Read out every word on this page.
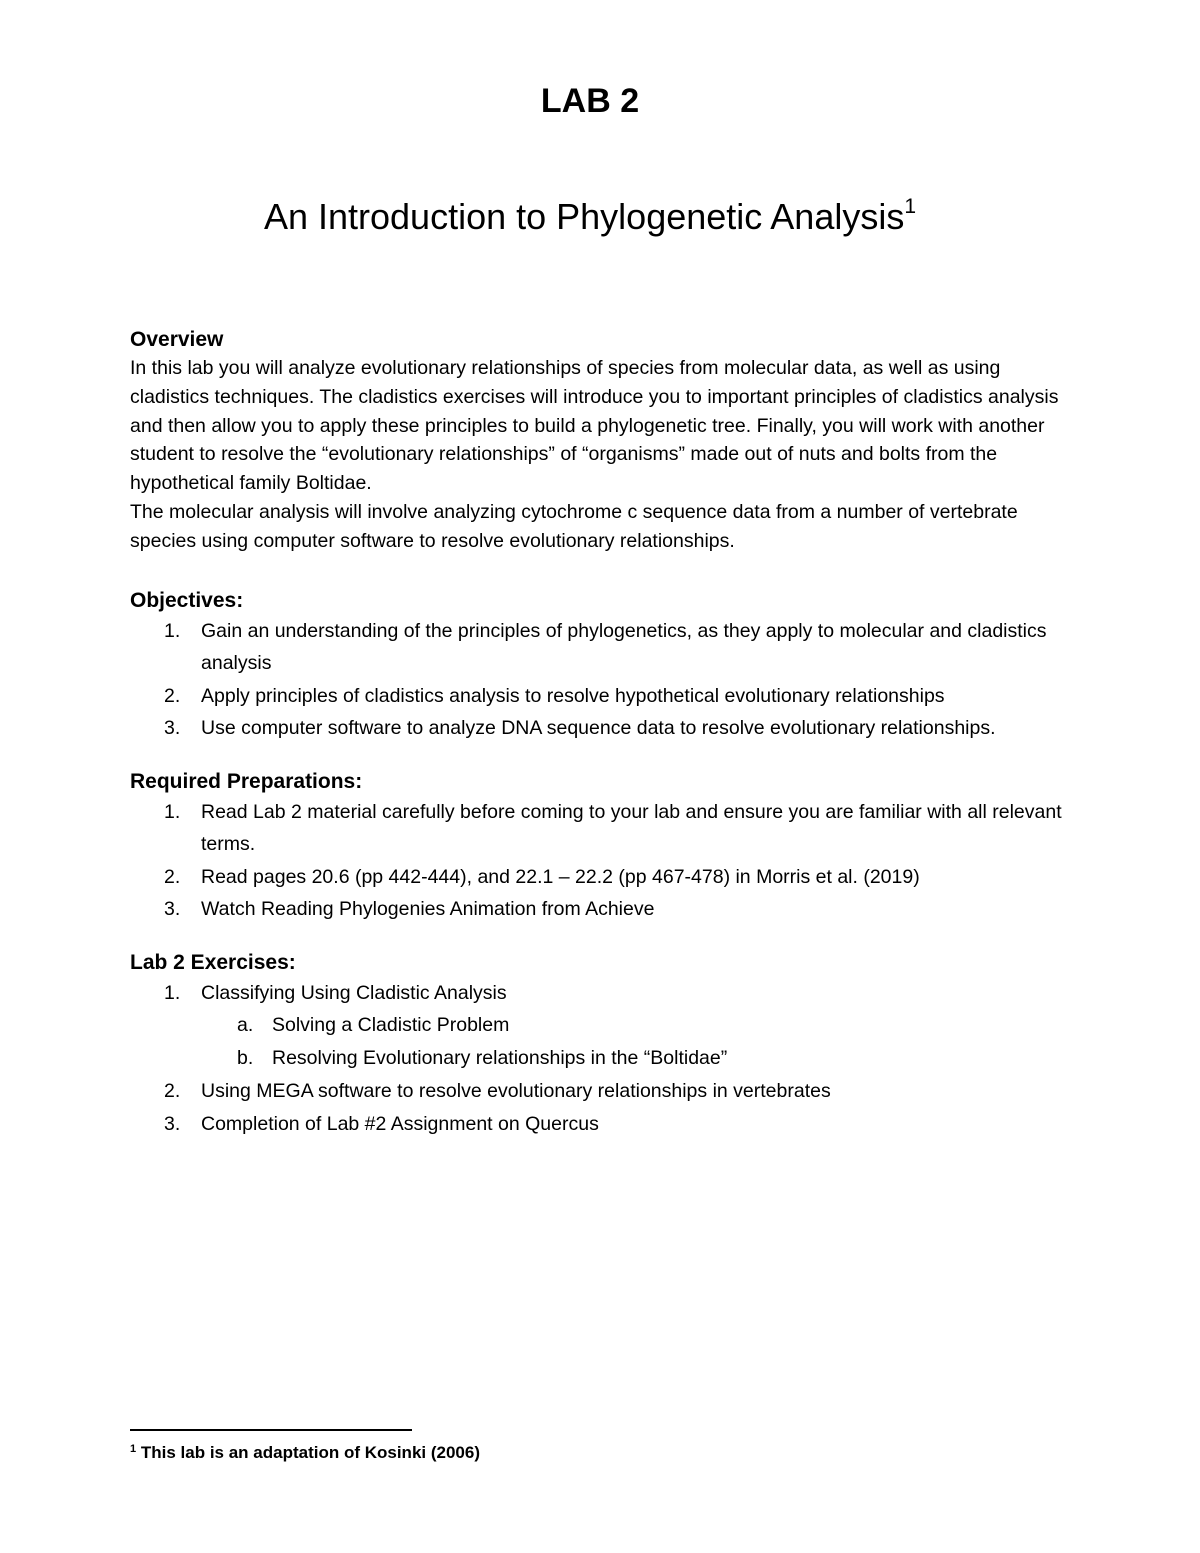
LAB 2
An Introduction to Phylogenetic Analysis$^1$
Overview

In this lab you will analyze evolutionary relationships of species from molecular data, as well as using cladistics techniques. The cladistics exercises will introduce you to important principles of cladistics analysis and then allow you to apply these principles to build a phylogenetic tree. Finally, you will work with another student to resolve the “evolutionary relationships” of “organisms” made out of nuts and bolts from the hypothetical family Boltidae.

The molecular analysis will involve analyzing cytochrome c sequence data from a number of vertebrate species using computer software to resolve evolutionary relationships.

Objectives:
1. Gain an understanding of the principles of phylogenetics, as they apply to molecular and cladistics analysis
2. Apply principles of cladistics analysis to resolve hypothetical evolutionary relationships
3. Use computer software to analyze DNA sequence data to resolve evolutionary relationships.
Required Preparations:
1. Read Lab 2 material carefully before coming to your lab and ensure you are familiar with all relevant terms.
2. Read pages 20.6 (pp 442-444), and 22.1 – 22.2 (pp 467-478) in Morris et al. (2019)
3. Watch Reading Phylogenies Animation from Achieve
Lab 2 Exercises:
1. Classifying Using Cladistic Analysis
a. Solving a Cladistic Problem
b. Resolving Evolutionary relationships in the “Boltidae”
2. Using MEGA software to resolve evolutionary relationships in vertebrates
3. Completion of Lab #2 Assignment on Quercus
$^1$ This lab is an adaptation of Kosinki (2006)
